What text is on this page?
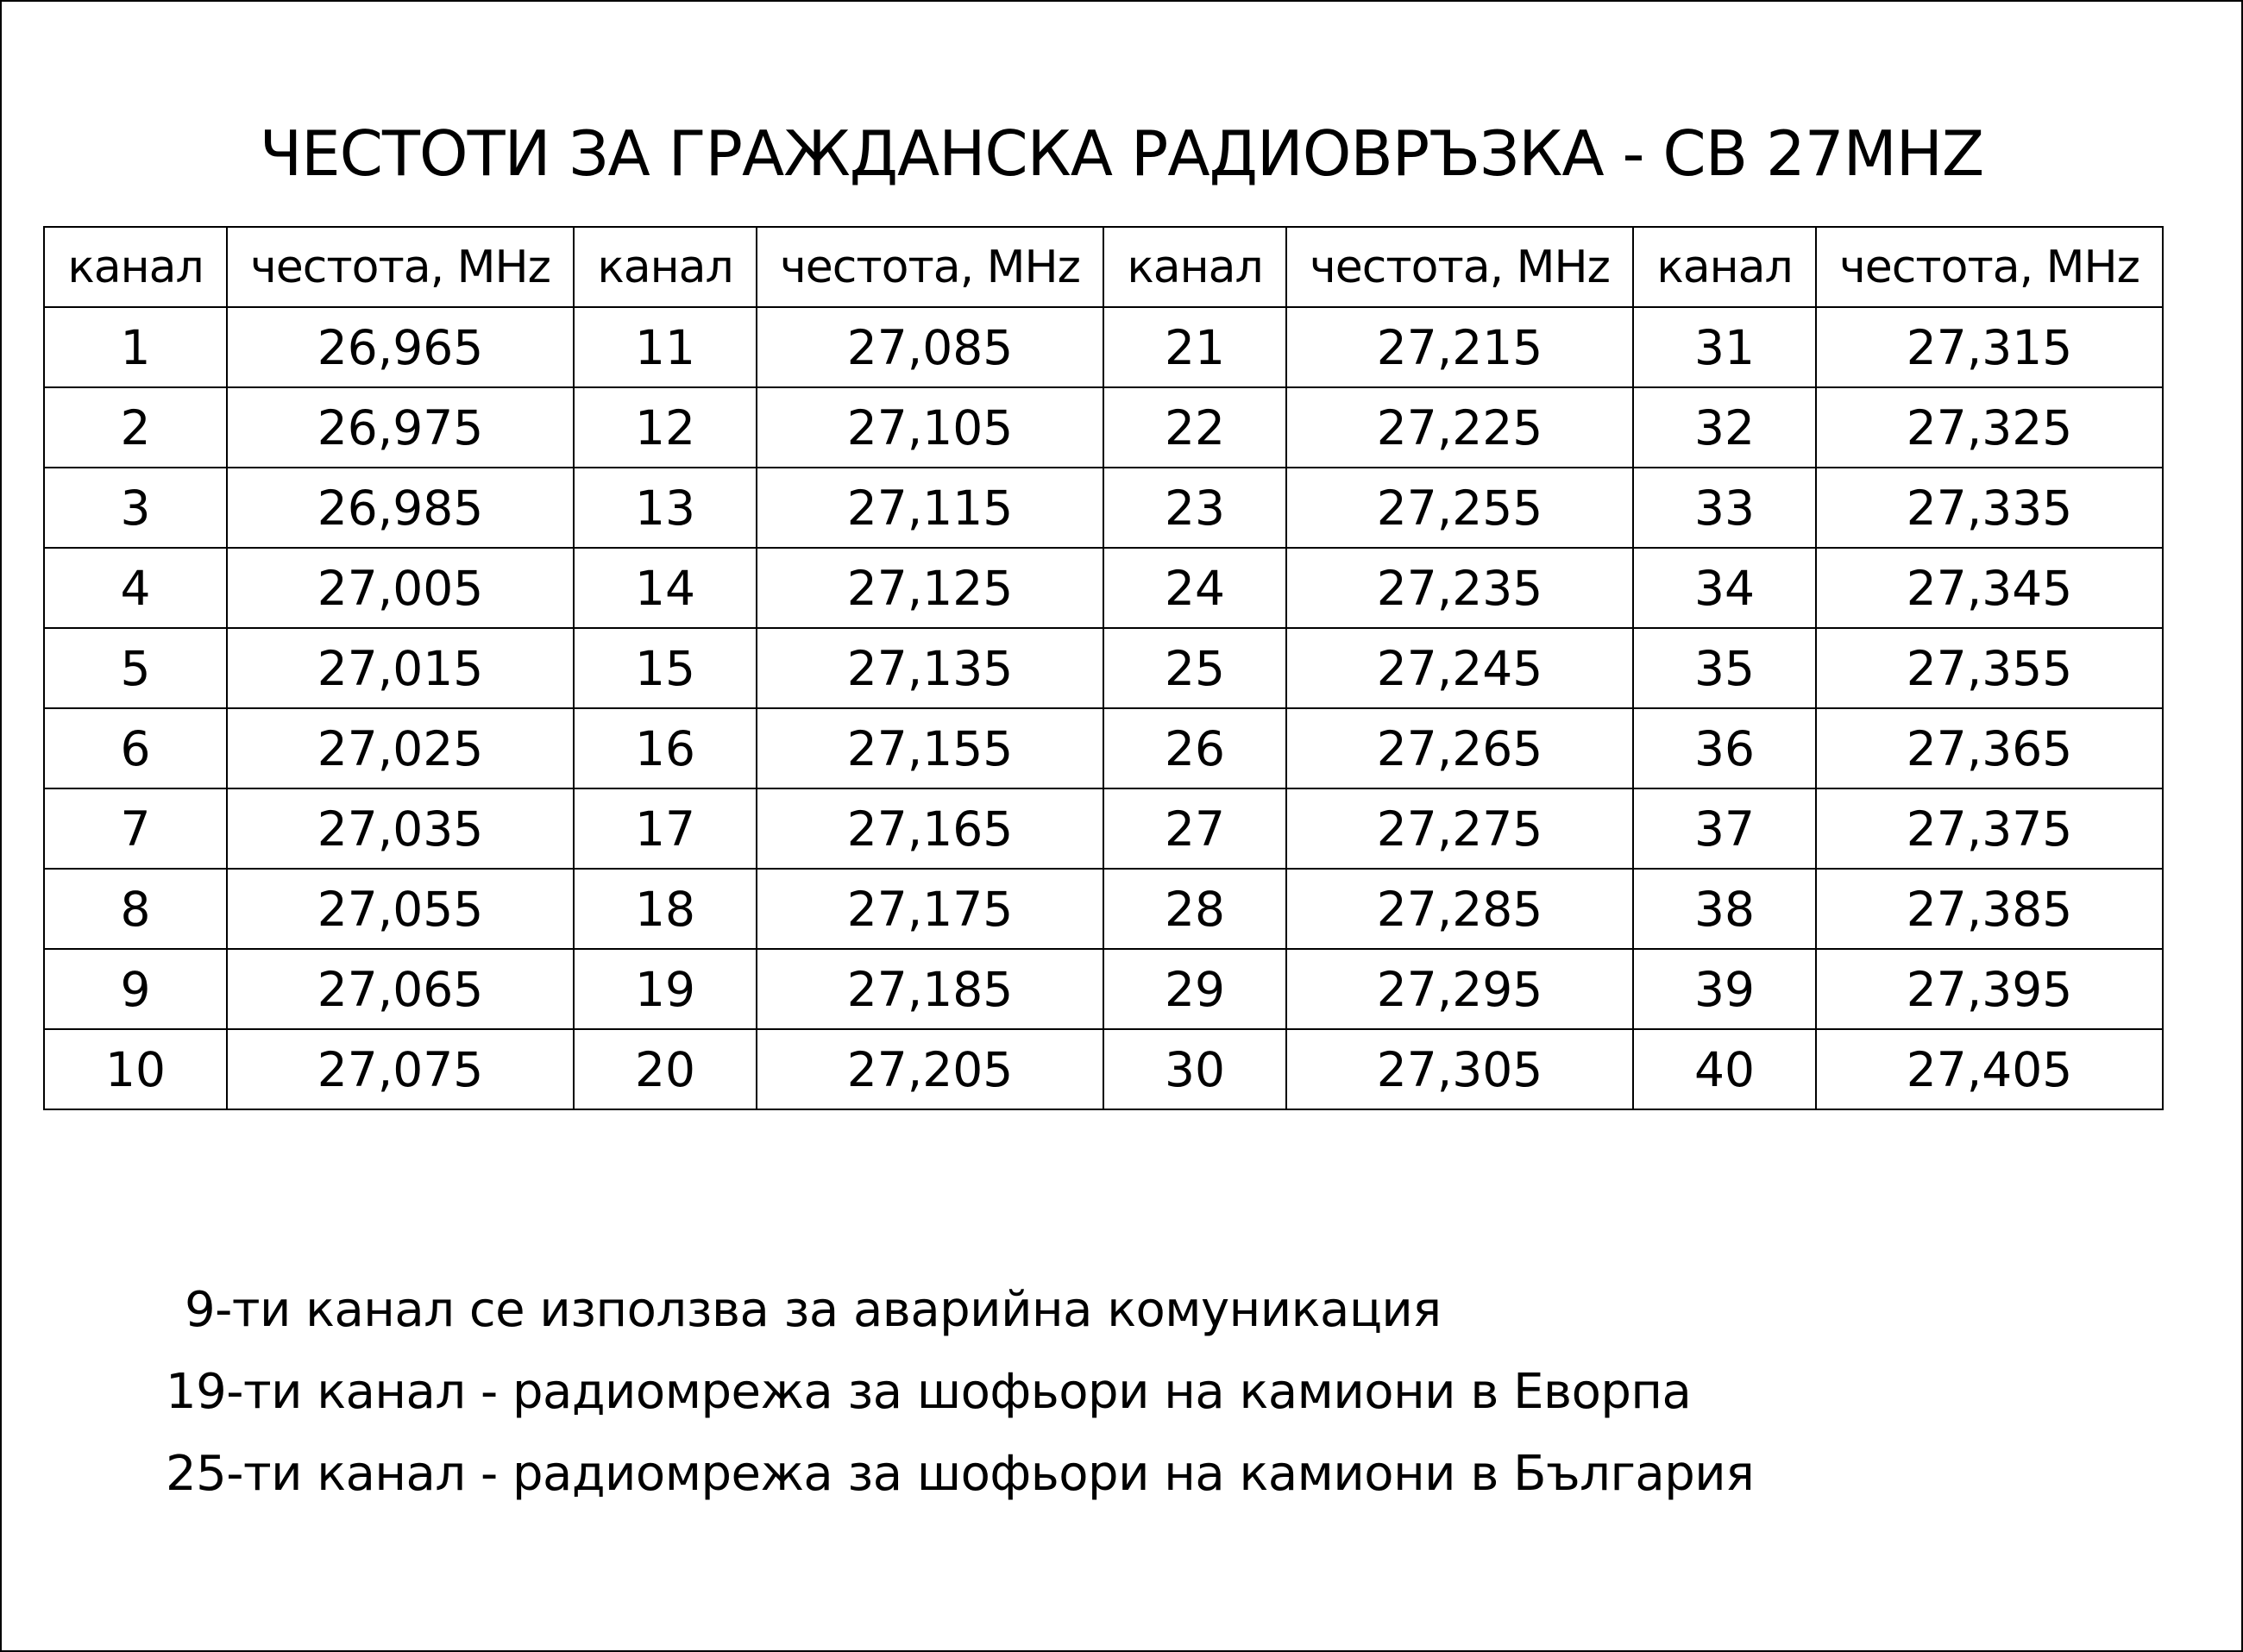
ЧЕСТОТИ ЗА ГРАЖДАНСКА РАДИОВРЪЗКА - СВ 27MHZ
канал	честота, MHz	канал	честота, MHz	канал	честота, MHz	канал	честота, MHz
1	26,965	11	27,085	21	27,215	31	27,315
2	26,975	12	27,105	22	27,225	32	27,325
3	26,985	13	27,115	23	27,255	33	27,335
4	27,005	14	27,125	24	27,235	34	27,345
5	27,015	15	27,135	25	27,245	35	27,355
6	27,025	16	27,155	26	27,265	36	27,365
7	27,035	17	27,165	27	27,275	37	27,375
8	27,055	18	27,175	28	27,285	38	27,385
9	27,065	19	27,185	29	27,295	39	27,395
10	27,075	20	27,205	30	27,305	40	27,405
9-ти канал се използва за аварийна комуникация
19-ти канал - радиомрежа за шофьори на камиони в Еворпа
25-ти канал - радиомрежа за шофьори на камиони в България
